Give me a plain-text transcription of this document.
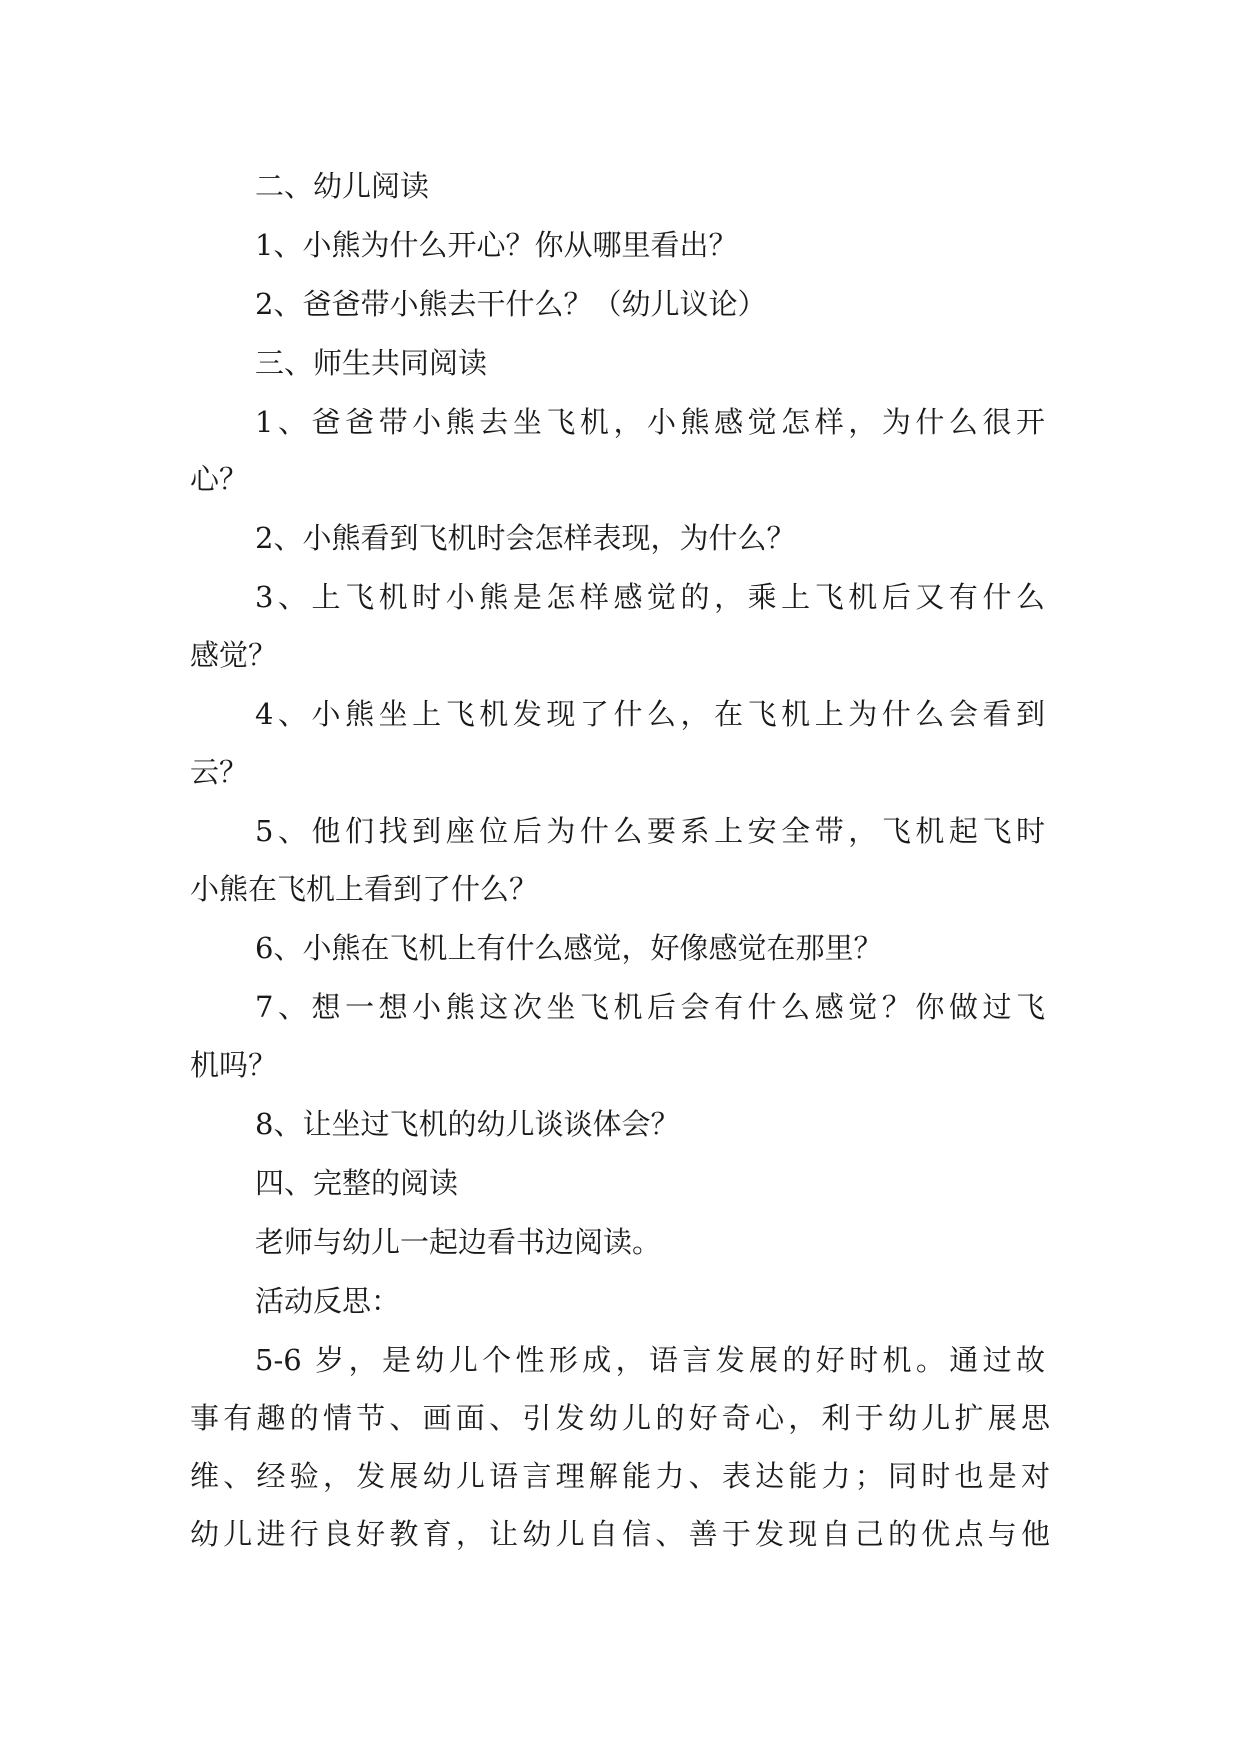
二、幼儿阅读

1、小熊为什么开心？你从哪里看出？

2、爸爸带小熊去干什么？（幼儿议论）

三、师生共同阅读

1、爸爸带小熊去坐飞机，小熊感觉怎样，为什么很开

心？

2、小熊看到飞机时会怎样表现，为什么？

3、上飞机时小熊是怎样感觉的，乘上飞机后又有什么

感觉？

4、小熊坐上飞机发现了什么，在飞机上为什么会看到

云？

5、他们找到座位后为什么要系上安全带，飞机起飞时

小熊在飞机上看到了什么？

6、小熊在飞机上有什么感觉，好像感觉在那里？

7、想一想小熊这次坐飞机后会有什么感觉？你做过飞

机吗？

8、让坐过飞机的幼儿谈谈体会？

四、完整的阅读

老师与幼儿一起边看书边阅读。

活动反思：

5-6 岁，是幼儿个性形成，语言发展的好时机。通过故

事有趣的情节、画面、引发幼儿的好奇心，利于幼儿扩展思

维、经验，发展幼儿语言理解能力、表达能力；同时也是对

幼儿进行良好教育，让幼儿自信、善于发现自己的优点与他
